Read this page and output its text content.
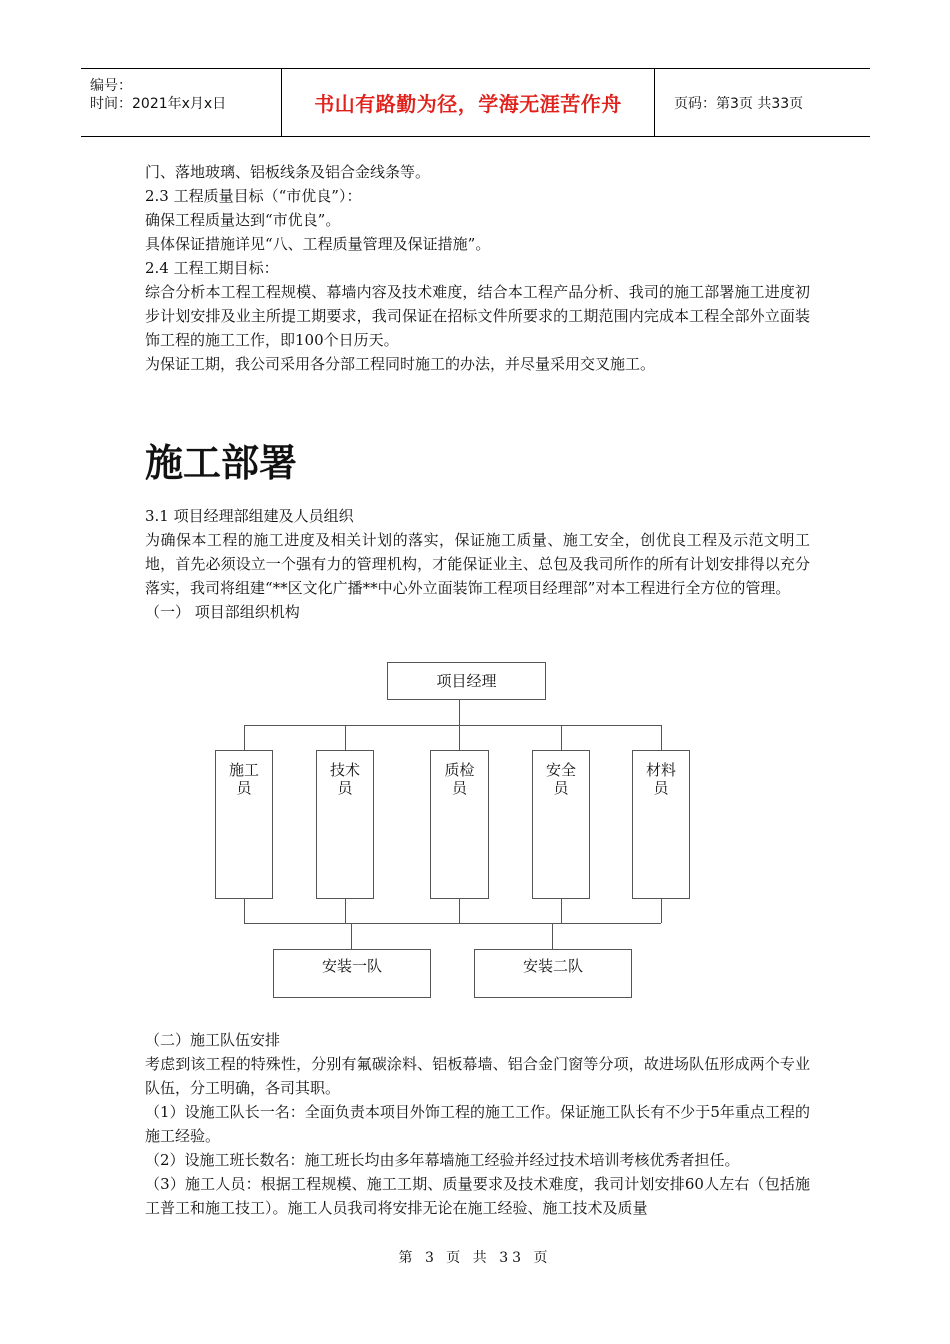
编号：
时间：2021年x月x日	书山有路勤为径，学海无涯苦作舟	页码：第3页 共33页

门、落地玻璃、铝板线条及铝合金线条等。

2.3 工程质量目标（“市优良”）：

确保工程质量达到“市优良”。

具体保证措施详见“八、工程质量管理及保证措施”。

2.4 工程工期目标：

综合分析本工程工程规模、幕墙内容及技术难度，结合本工程产品分析、我司的施工部署施工进度初步计划安排及业主所提工期要求，我司保证在招标文件所要求的工期范围内完成本工程全部外立面装饰工程的施工工作，即100个日历天。

为保证工期，我公司采用各分部工程同时施工的办法，并尽量采用交叉施工。

施工部署

3.1 项目经理部组建及人员组织

为确保本工程的施工进度及相关计划的落实，保证施工质量、施工安全，创优良工程及示范文明工地，首先必须设立一个强有力的管理机构，才能保证业主、总包及我司所作的所有计划安排得以充分落实，我司将组建“**区文化广播**中心外立面装饰工程项目经理部”对本工程进行全方位的管理。

（一） 项目部组织机构

项目经理
施工
员
技术
员
质检
员
安全
员
材料
员
安装一队	安装二队

（二）施工队伍安排

考虑到该工程的特殊性，分别有氟碳涂料、铝板幕墙、铝合金门窗等分项，故进场队伍形成两个专业队伍，分工明确，各司其职。

（1）设施工队长一名：全面负责本项目外饰工程的施工工作。保证施工队长有不少于5年重点工程的施工经验。

（2）设施工班长数名：施工班长均由多年幕墙施工经验并经过技术培训考核优秀者担任。

（3）施工人员：根据工程规模、施工工期、质量要求及技术难度，我司计划安排60人左右（包括施工普工和施工技工）。施工人员我司将安排无论在施工经验、施工技术及质量

第 3 页 共 33 页
